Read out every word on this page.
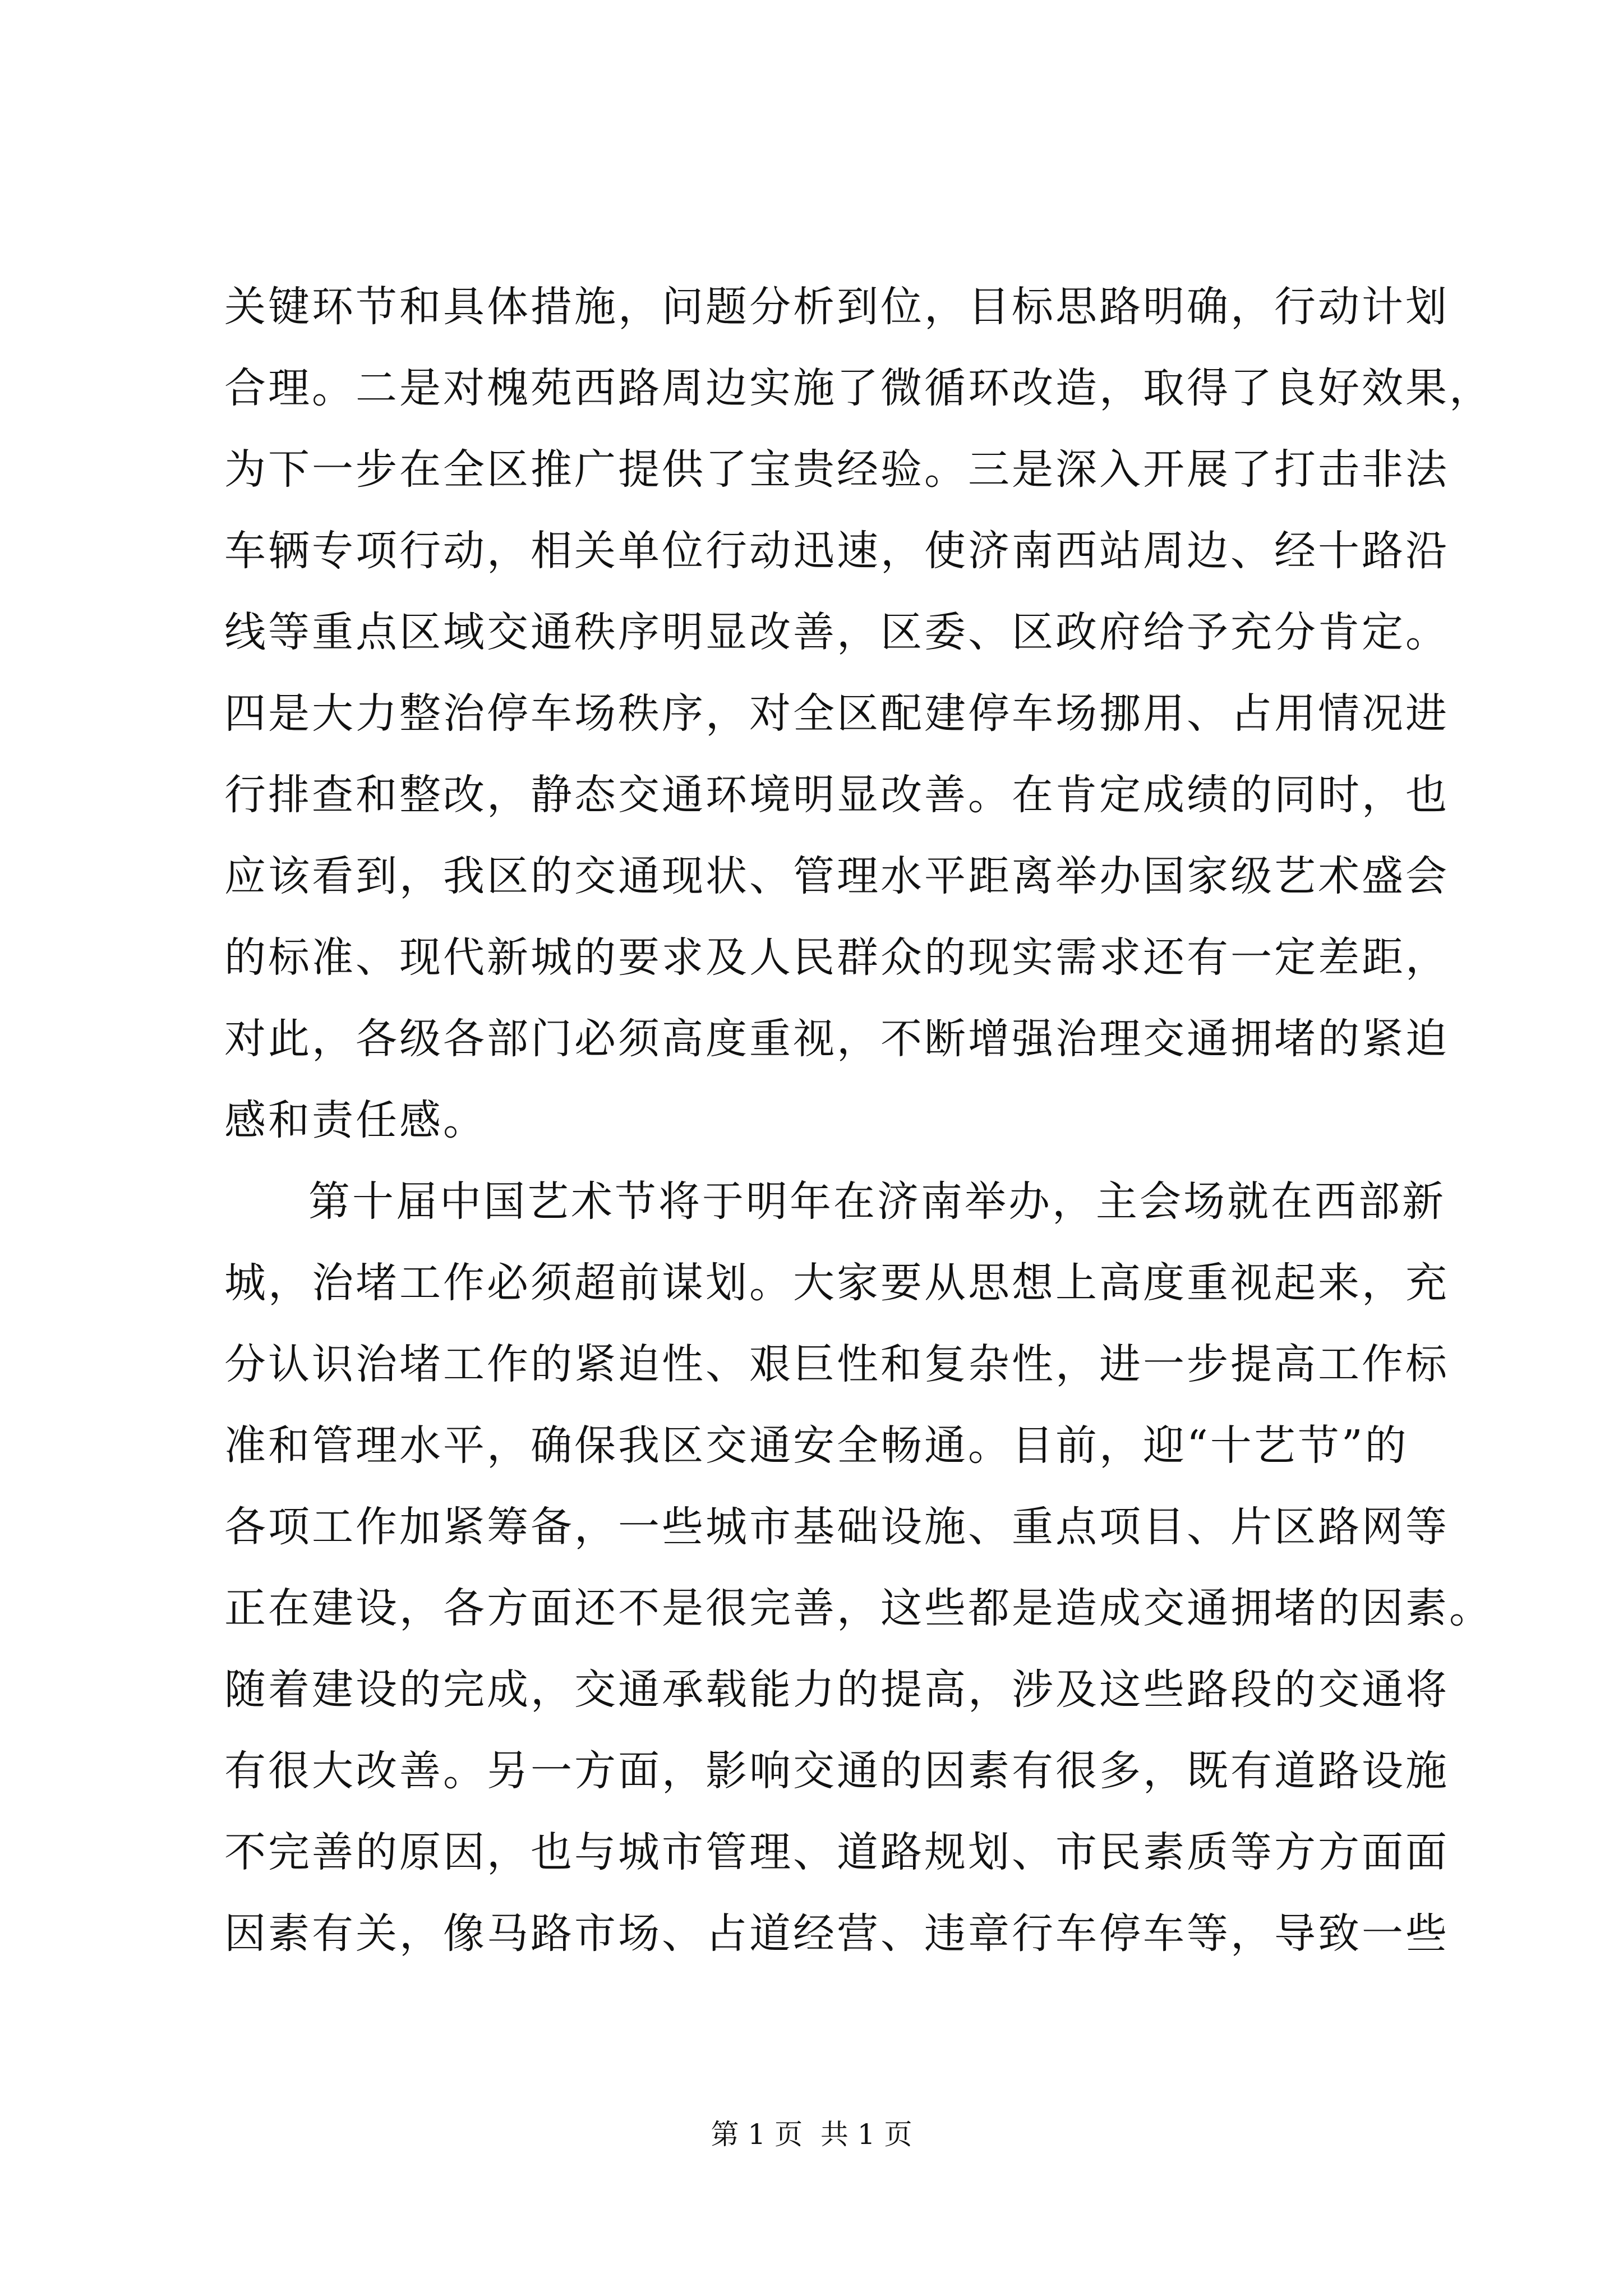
关键环节和具体措施，问题分析到位，目标思路明确，行动计划
合理。二是对槐苑西路周边实施了微循环改造，取得了良好效果，
为下一步在全区推广提供了宝贵经验。三是深入开展了打击非法
车辆专项行动，相关单位行动迅速，使济南西站周边、经十路沿
线等重点区域交通秩序明显改善，区委、区政府给予充分肯定。
四是大力整治停车场秩序，对全区配建停车场挪用、占用情况进
行排查和整改，静态交通环境明显改善。在肯定成绩的同时，也
应该看到，我区的交通现状、管理水平距离举办国家级艺术盛会
的标准、现代新城的要求及人民群众的现实需求还有一定差距，
对此，各级各部门必须高度重视，不断增强治理交通拥堵的紧迫
感和责任感。
第十届中国艺术节将于明年在济南举办，主会场就在西部新
城，治堵工作必须超前谋划。大家要从思想上高度重视起来，充
分认识治堵工作的紧迫性、艰巨性和复杂性，进一步提高工作标
准和管理水平，确保我区交通安全畅通。目前，迎“十艺节”的
各项工作加紧筹备，一些城市基础设施、重点项目、片区路网等
正在建设，各方面还不是很完善，这些都是造成交通拥堵的因素。
随着建设的完成，交通承载能力的提高，涉及这些路段的交通将
有很大改善。另一方面，影响交通的因素有很多，既有道路设施
不完善的原因，也与城市管理、道路规划、市民素质等方方面面
因素有关，像马路市场、占道经营、违章行车停车等，导致一些
第 1 页  共 1 页
